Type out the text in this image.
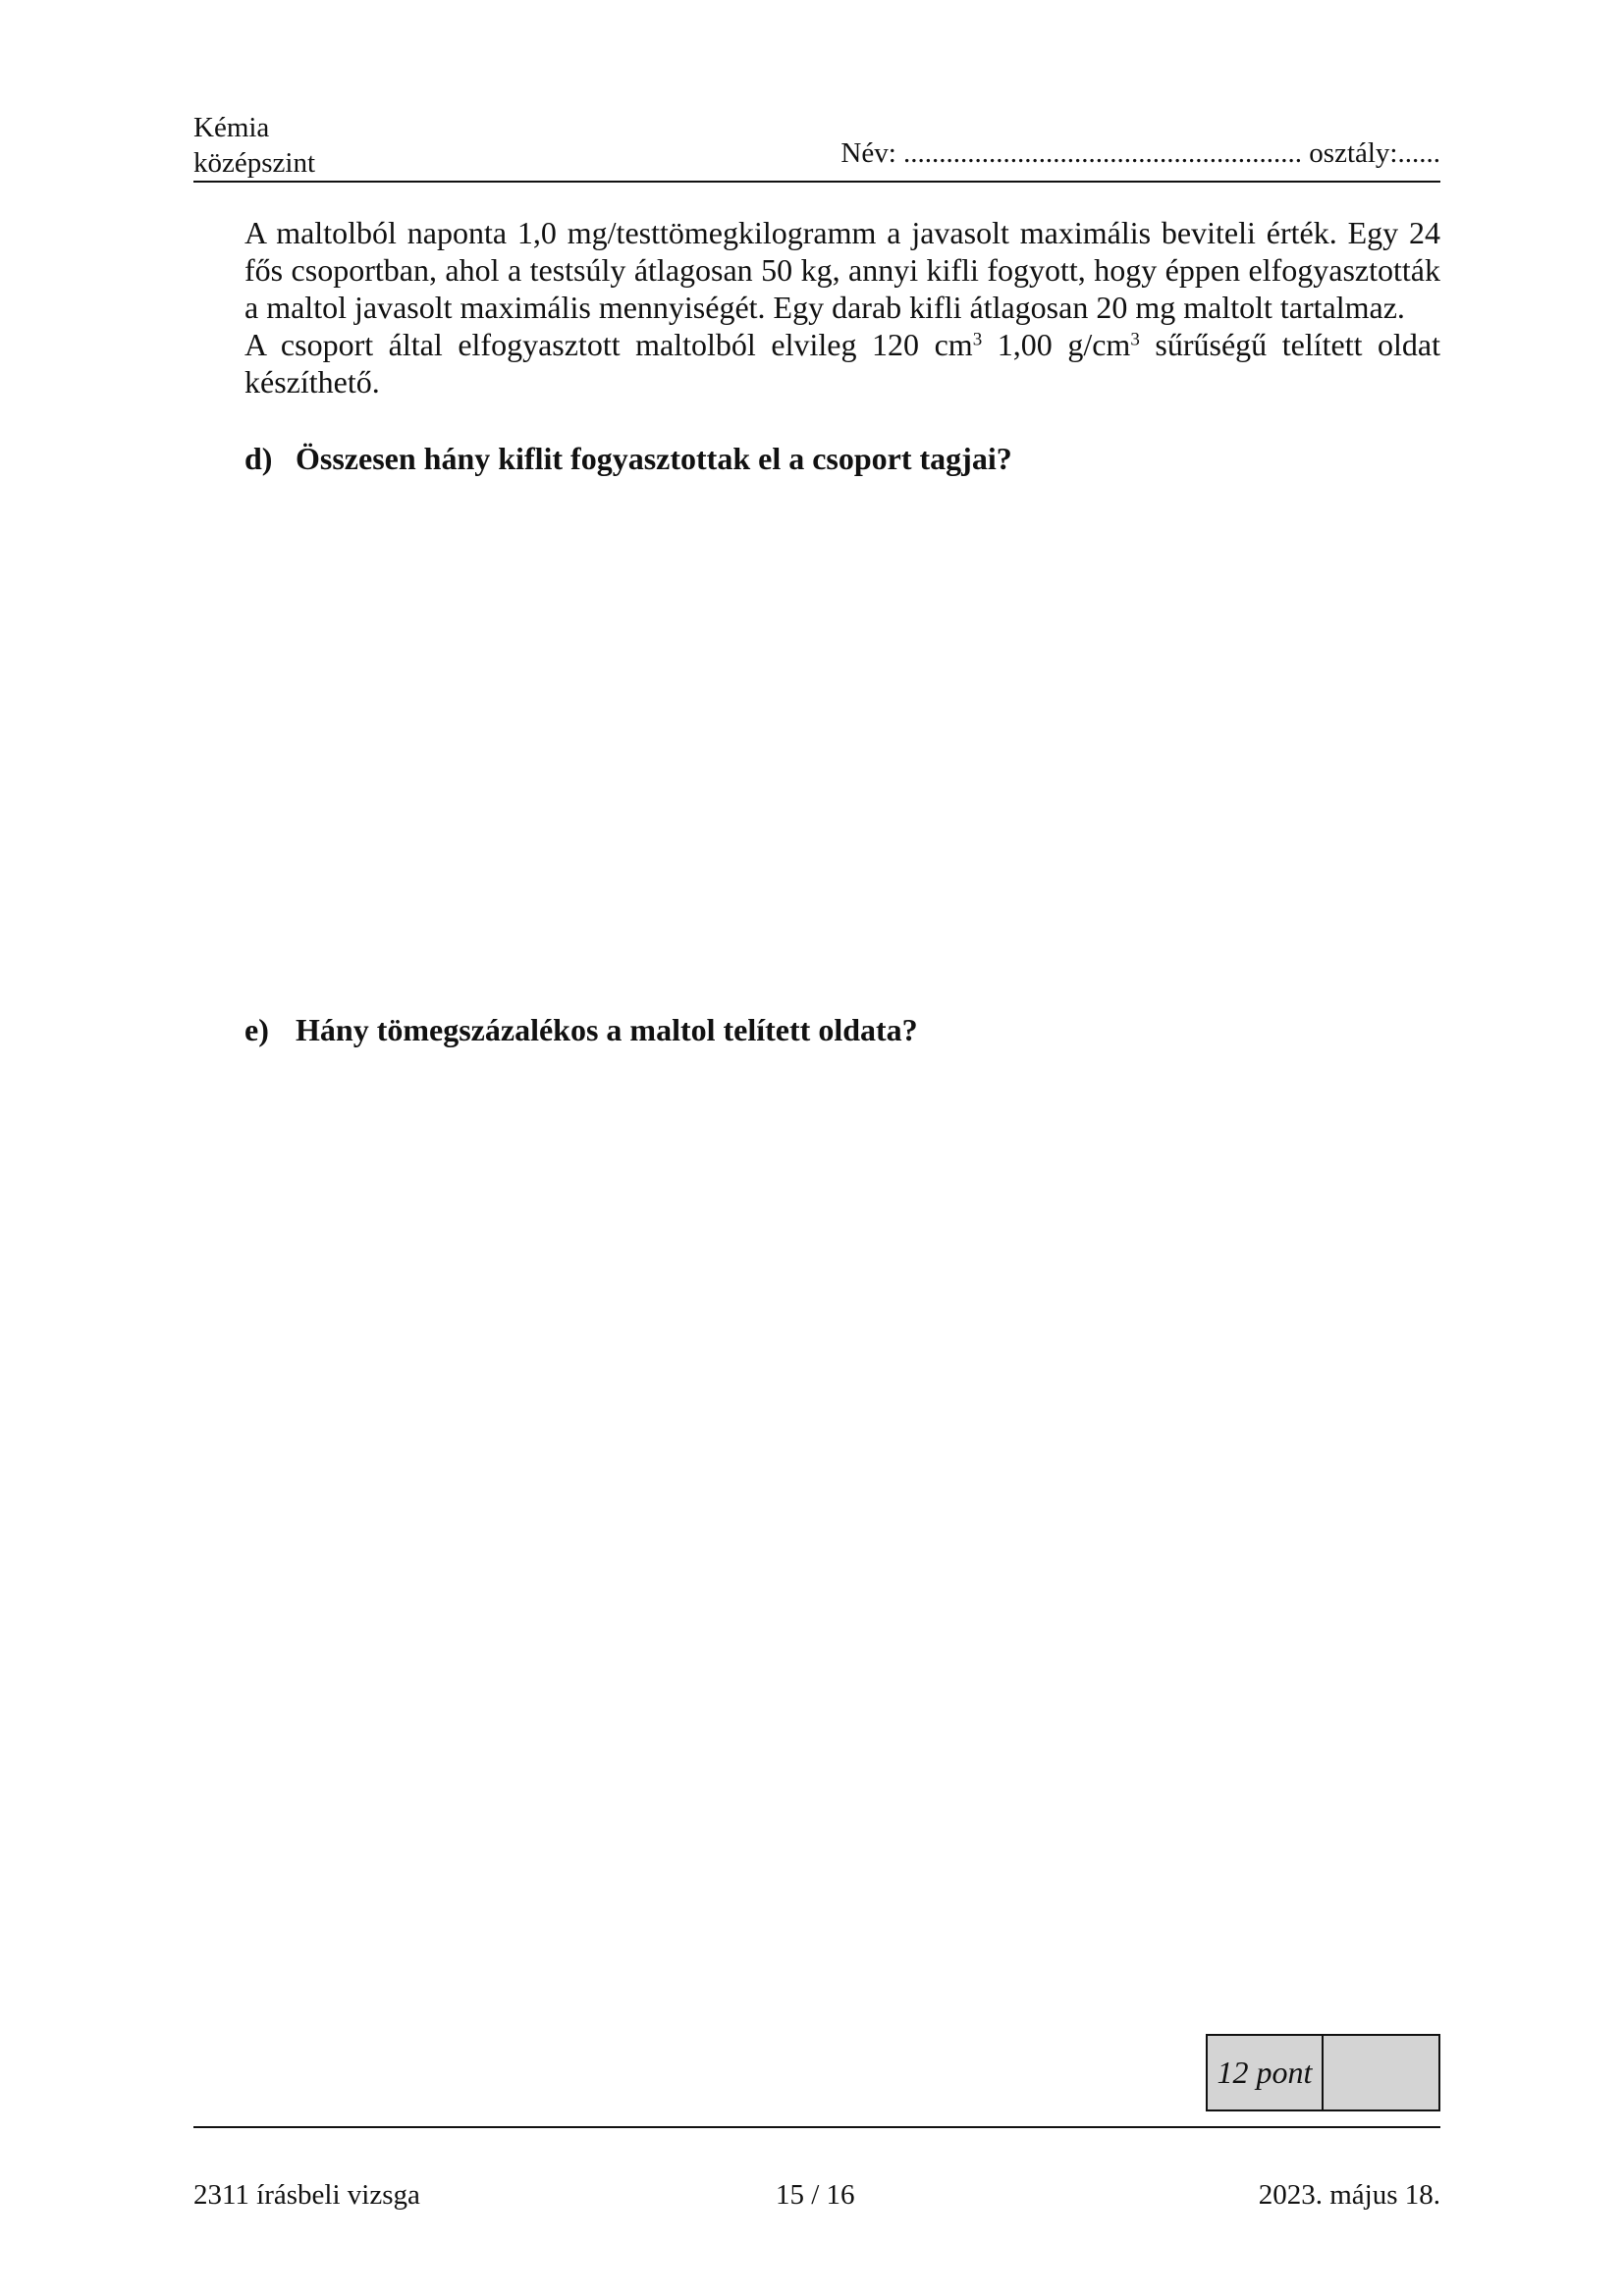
Kémia
középszint	Név: ........................................................ osztály:......

A maltolból naponta 1,0 mg/testtömegkilogramm a javasolt maximális beviteli érték. Egy 24 fős csoportban, ahol a testsúly átlagosan 50 kg, annyi kifli fogyott, hogy éppen elfogyasztották a maltol javasolt maximális mennyiségét. Egy darab kifli átlagosan 20 mg maltolt tartalmaz.

A csoport által elfogyasztott maltolból elvileg 120 $cm^3$ 1,00 $g/cm^3$ sűrűségű telített oldat készíthető.

d) Összesen hány kiflit fogyasztottak el a csoport tagjai?
e) Hány tömegszázalékos a maltol telített oldata?
12 pont
2311 írásbeli vizsga	15 / 16	2023. május 18.
